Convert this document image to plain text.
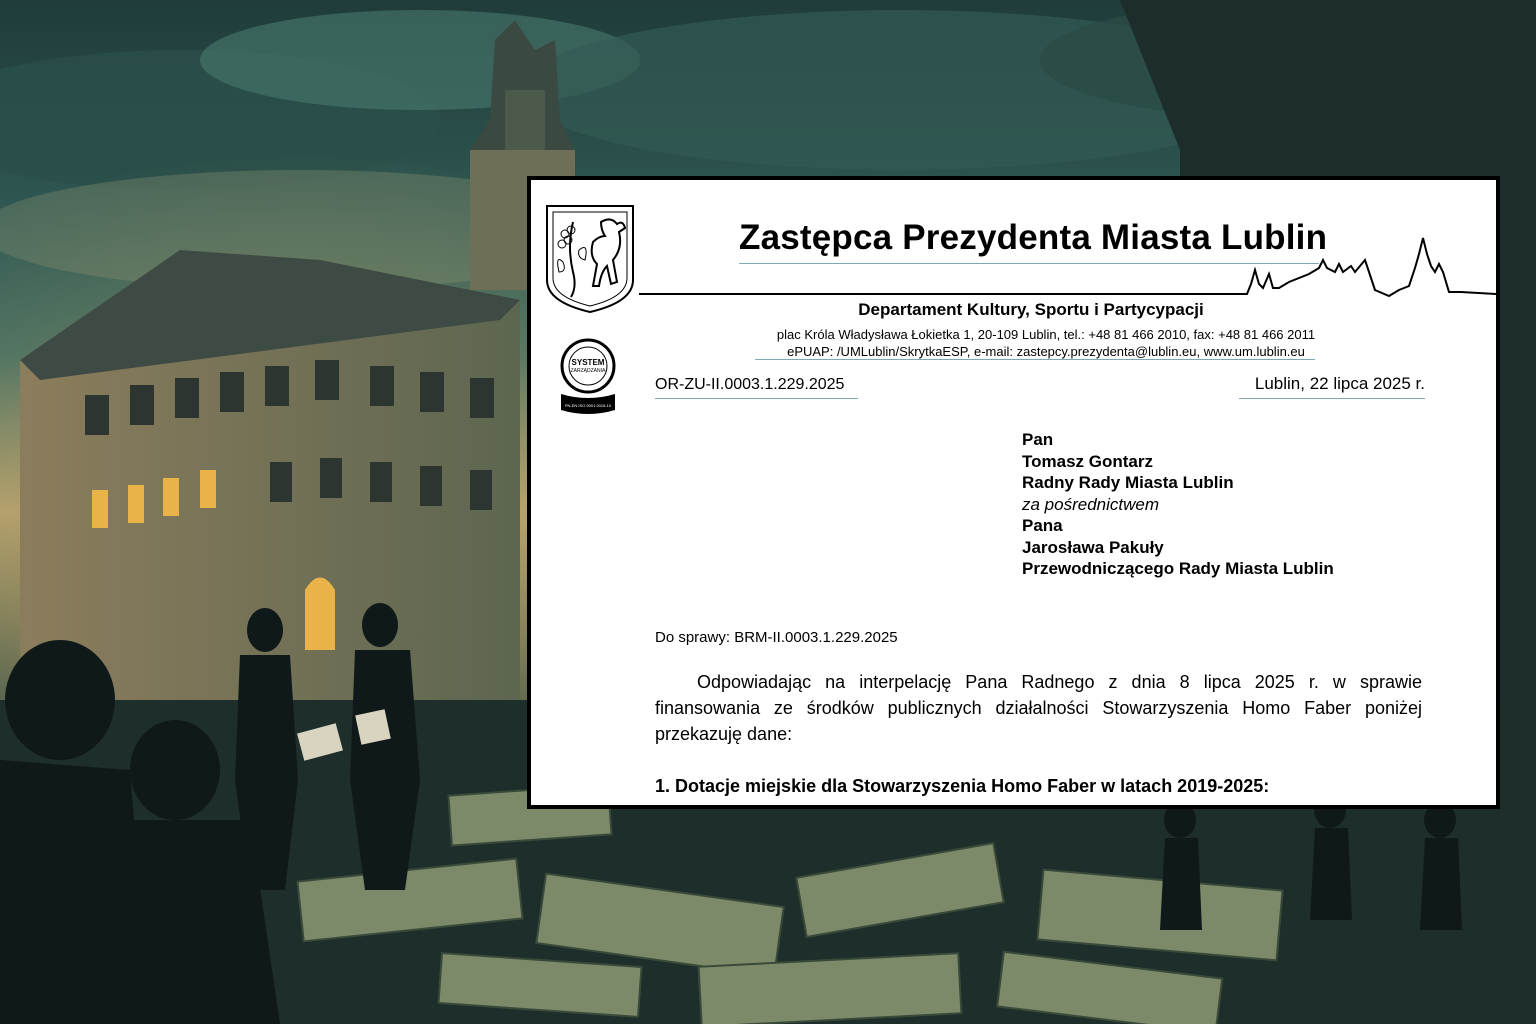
SYSTEM
ZARZĄDZANIA
PN-EN ISO 9001:2015-10
Zastępca Prezydenta Miasta Lublin
Departament Kultury, Sportu i Partycypacji
plac Króla Władysława Łokietka 1, 20-109 Lublin, tel.: +48 81 466 2010, fax: +48 81 466 2011
ePUAP: /UMLublin/SkrytkaESP, e-mail: zastepcy.prezydenta@lublin.eu, www.um.lublin.eu
OR-ZU-II.0003.1.229.2025	Lublin, 22 lipca 2025 r.
Pan
Tomasz Gontarz
Radny Rady Miasta Lublin
za pośrednictwem
Pana
Jarosława Pakuły
Przewodniczącego Rady Miasta Lublin
Do sprawy: BRM-II.0003.1.229.2025
Odpowiadając na interpelację Pana Radnego z dnia 8 lipca 2025 r. w sprawie finansowania ze środków publicznych działalności Stowarzyszenia Homo Faber poniżej przekazuję dane:
1. Dotacje miejskie dla Stowarzyszenia Homo Faber w latach 2019-2025:
